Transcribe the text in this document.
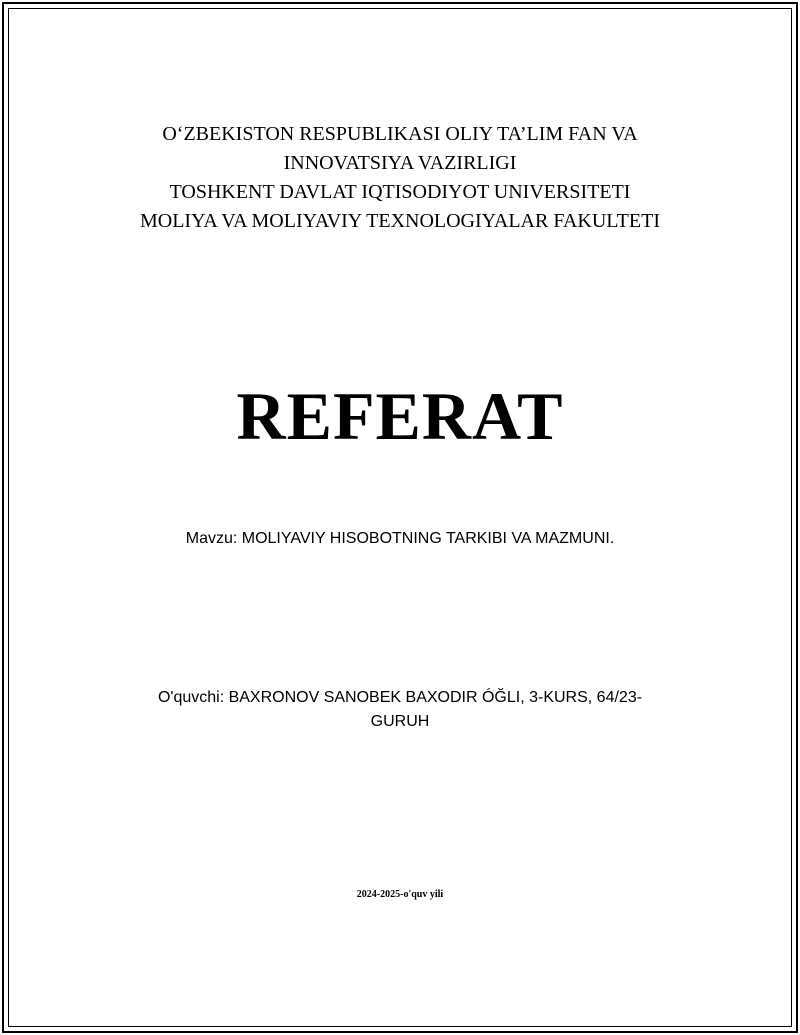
O‘ZBEKISTON RESPUBLIKASI OLIY TA’LIM FAN VA
INNOVATSIYA VAZIRLIGI
TOSHKENT DAVLAT IQTISODIYOT UNIVERSITETI
MOLIYA VA MOLIYAVIY TEXNOLOGIYALAR FAKULTETI
REFERAT
Mavzu: MOLIYAVIY HISOBOTNING TARKIBI VA MAZMUNI.
O'quvchi: BAXRONOV SANOBEK BAXODIR ÓĞLI, 3-KURS, 64/23-
GURUH
2024-2025-o'quv yili
